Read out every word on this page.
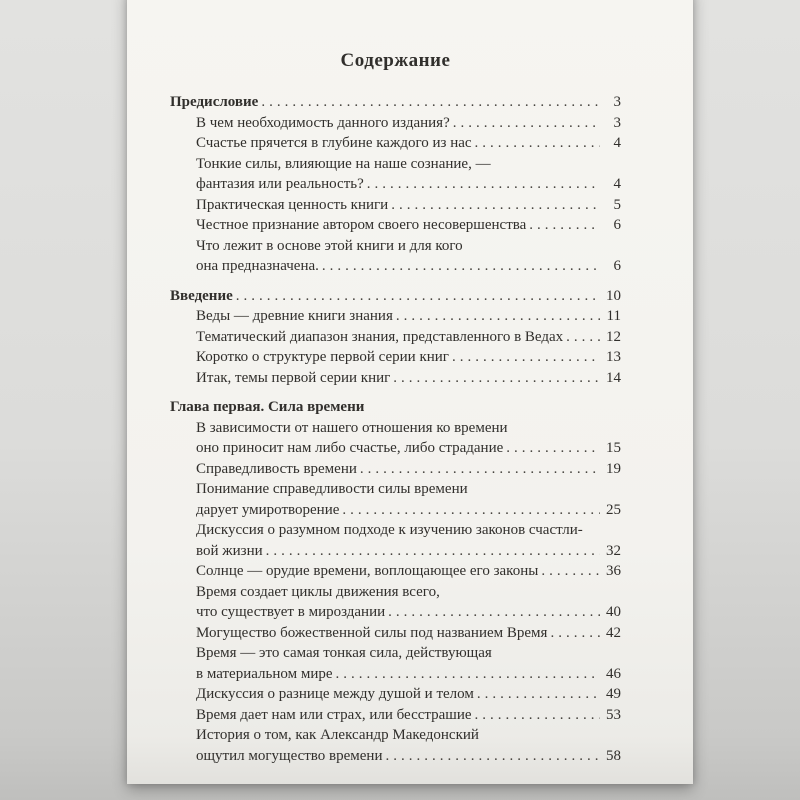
Содержание
Предисловие .....	3
В чем необходимость данного издания? .....	3
Счастье прячется в глубине каждого из нас .....	4
Тонкие силы, влияющие на наше сознание, —
фантазия или реальность? .....	4
Практическая ценность книги .....	5
Честное признание автором своего несовершенства .....	6
Что лежит в основе этой книги и для кого
она предназначена. .....	6
Введение .....	10
Веды — древние книги знания .....	11
Тематический диапазон знания, представленного в Ведах .....	12
Коротко о структуре первой серии книг .....	13
Итак, темы первой серии книг .....	14
Глава первая. Сила времени
В зависимости от нашего отношения ко времени
оно приносит нам либо счастье, либо страдание .....	15
Справедливость времени .....	19
Понимание справедливости силы времени
дарует умиротворение .....	25
Дискуссия о разумном подходе к изучению законов счастли-
вой жизни .....	32
Солнце — орудие времени, воплощающее его законы .....	36
Время создает циклы движения всего,
что существует в мироздании .....	40
Могущество божественной силы под названием Время .....	42
Время — это самая тонкая сила, действующая
в материальном мире .....	46
Дискуссия о разнице между душой и телом .....	49
Время дает нам или страх, или бесстрашие .....	53
История о том, как Александр Македонский
ощутил могущество времени .....	58
